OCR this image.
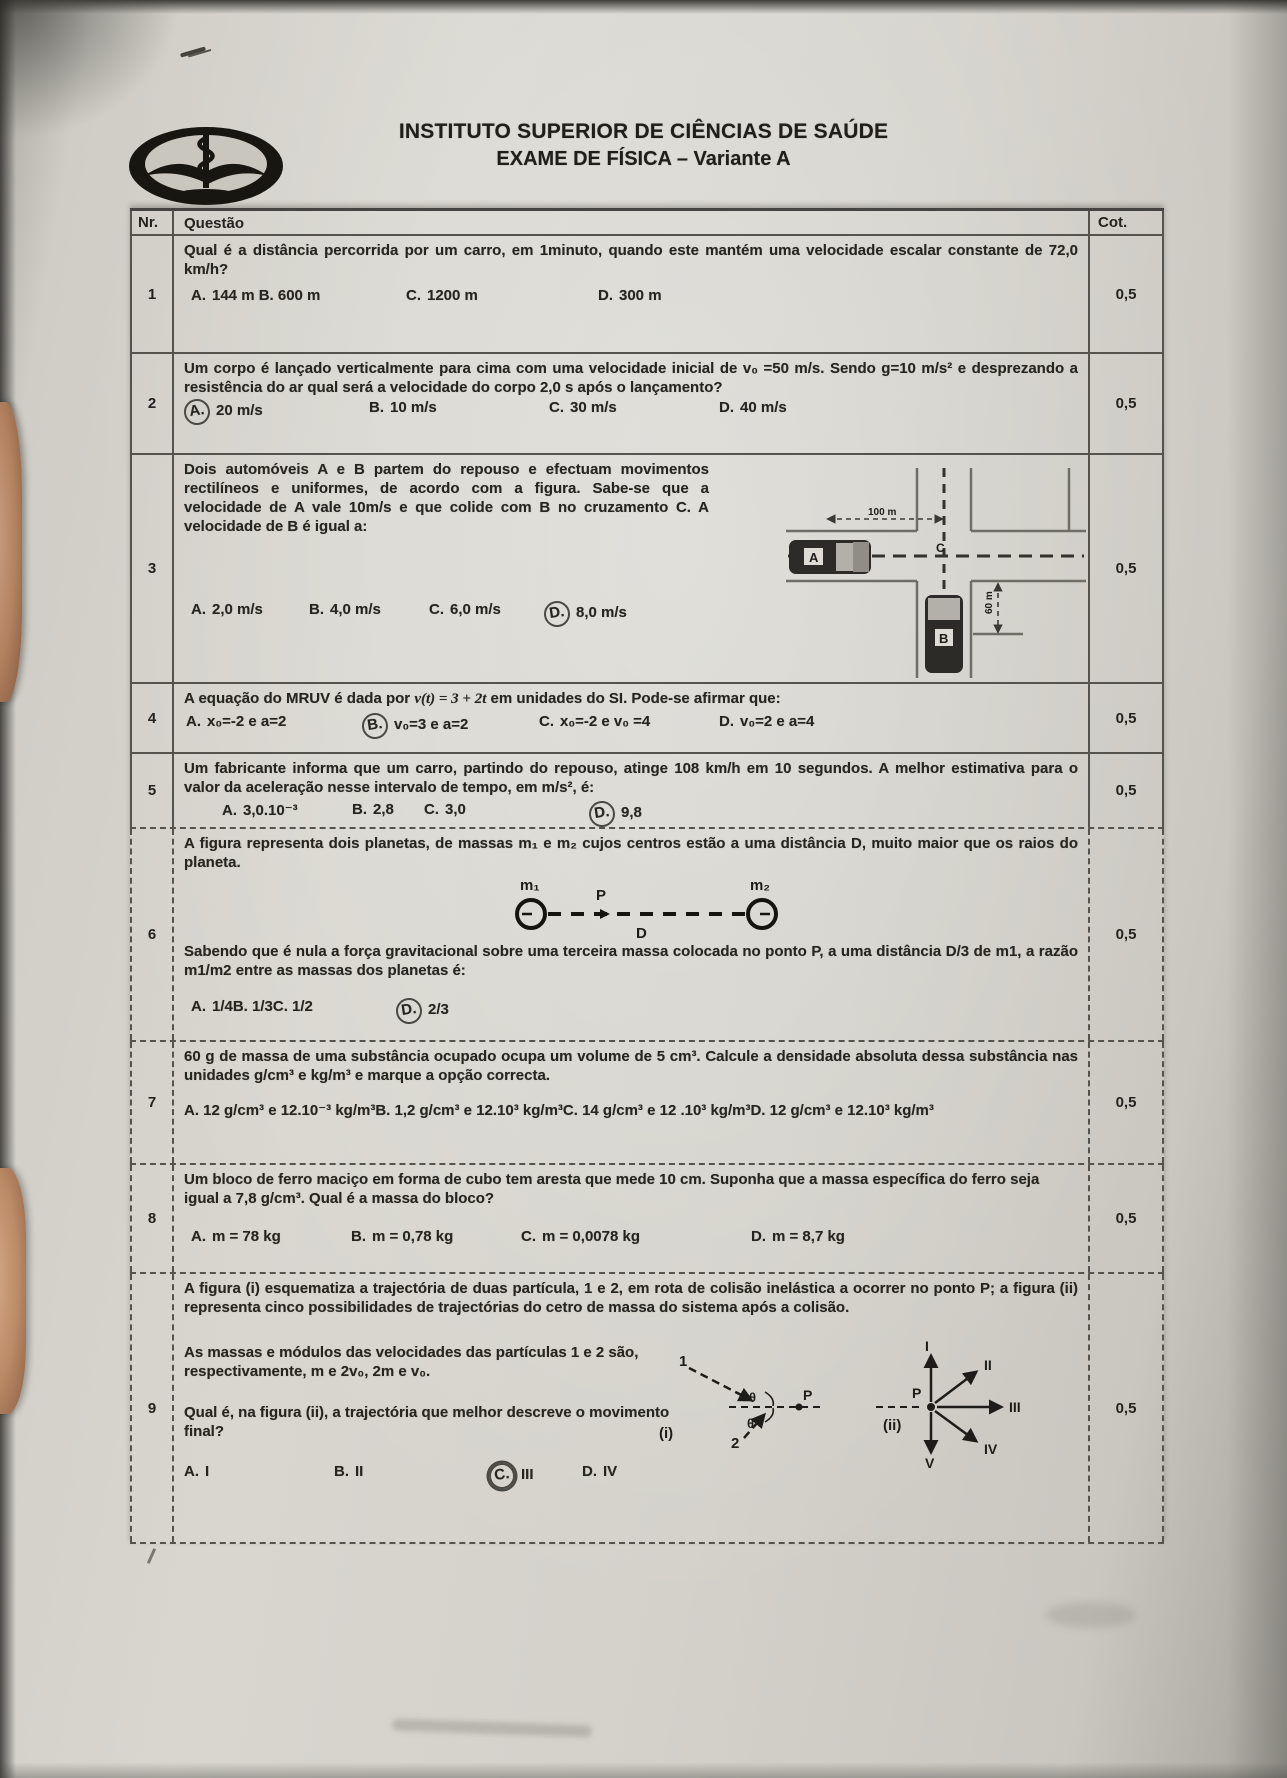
INSTITUTO SUPERIOR DE CIÊNCIAS DE SAÚDE

EXAME DE FÍSICA – Variante A

Nr.	Questão	Cot.
1

Qual é a distância percorrida por um carro, em 1minuto, quando este mantém uma velocidade escalar constante de 72,0 km/h?

A. 144 m B. 600 m	C. 1200 m	D. 300 m	0,5
2

Um corpo é lançado verticalmente para cima com uma velocidade inicial de v₀ =50 m/s. Sendo g=10 m/s² e desprezando a resistência do ar qual será a velocidade do corpo 2,0 s após o lançamento?

A. 20 m/s	B. 10 m/s	C. 30 m/s	D. 40 m/s	0,5
3

Dois automóveis A e B partem do repouso e efectuam movimentos rectilíneos e uniformes, de acordo com a figura. Sabe-se que a velocidade de A vale 10m/s e que colide com B no cruzamento C. A velocidade de B é igual a:

A. 2,0 m/s	B. 4,0 m/s	C. 6,0 m/s	D. 8,0 m/s
C
100 m
60 m
A
B
0,5
4

A equação do MRUV é dada por v(t) = 3 + 2t em unidades do SI. Pode-se afirmar que:

A. x₀=-2 e a=2	B. v₀=3 e a=2	C. x₀=-2 e v₀ =4	D. v₀=2 e a=4	0,5
5

Um fabricante informa que um carro, partindo do repouso, atinge 108 km/h em 10 segundos. A melhor estimativa para o valor da aceleração nesse intervalo de tempo, em m/s², é:

A. 3,0.10⁻³	B. 2,8 C. 3,0	D. 9,8
0,5
6

A figura representa dois planetas, de massas m₁ e m₂ cujos centros estão a uma distância D, muito maior que os raios do planeta.

m₁	m₂
P
D

Sabendo que é nula a força gravitacional sobre uma terceira massa colocada no ponto P, a uma distância D/3 de m1, a razão m1/m2 entre as massas dos planetas é:

A. 1/4B. 1/3C. 1/2	D. 2/3
0,5
7

60 g de massa de uma substância ocupado ocupa um volume de 5 cm³. Calcule a densidade absoluta dessa substância nas unidades g/cm³ e kg/m³ e marque a opção correcta.

A. 12 g/cm³ e 12.10⁻³ kg/m³B. 1,2 g/cm³ e 12.10³ kg/m³C. 14 g/cm³ e 12 .10³ kg/m³D. 12 g/cm³ e 12.10³ kg/m³	0,5
8

Um bloco de ferro maciço em forma de cubo tem aresta que mede 10 cm. Suponha que a massa específica do ferro seja igual a 7,8 g/cm³. Qual é a massa do bloco?

A. m = 78 kg	B. m = 0,78 kg	C. m = 0,0078 kg	D. m = 8,7 kg
0,5
9

A figura (i) esquematiza a trajectória de duas partícula, 1 e 2, em rota de colisão inelástica a ocorrer no ponto P; a figura (ii) representa cinco possibilidades de trajectórias do cetro de massa do sistema após a colisão.

As massas e módulos das velocidades das partículas 1 e 2 são, respectivamente, m e 2v₀, 2m e v₀.

Qual é, na figura (ii), a trajectória que melhor descreve o movimento final?

A. I	B. II	C. III	D. IV
1
2
θ
θ
P
(i)
P
I
II
III
IV
V
(ii)
0,5
